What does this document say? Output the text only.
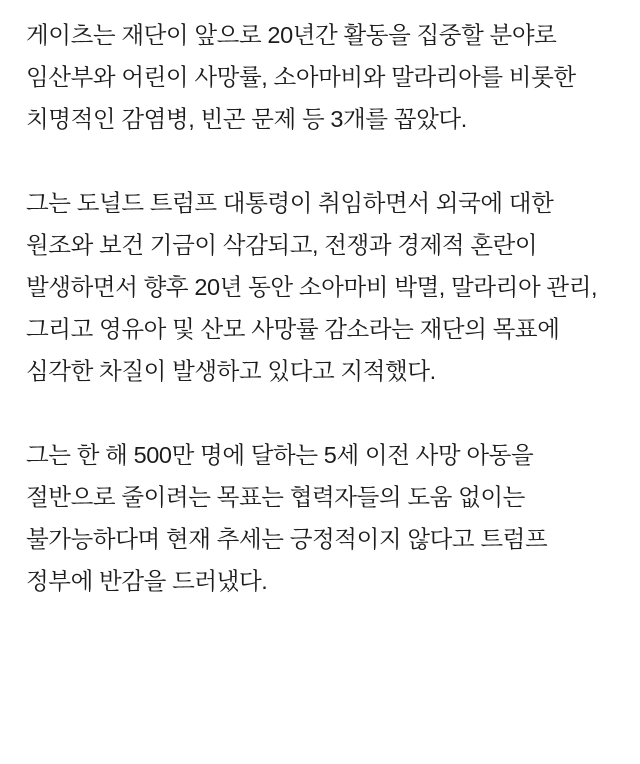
게이츠는 재단이 앞으로 20년간 활동을 집중할 분야로 임산부와 어린이 사망률, 소아마비와 말라리아를 비롯한 치명적인 감염병, 빈곤 문제 등 3개를 꼽았다.

그는 도널드 트럼프 대통령이 취임하면서 외국에 대한 원조와 보건 기금이 삭감되고, 전쟁과 경제적 혼란이 발생하면서 향후 20년 동안 소아마비 박멸, 말라리아 관리, 그리고 영유아 및 산모 사망률 감소라는 재단의 목표에 심각한 차질이 발생하고 있다고 지적했다.

그는 한 해 500만 명에 달하는 5세 이전 사망 아동을 절반으로 줄이려는 목표는 협력자들의 도움 없이는 불가능하다며 현재 추세는 긍정적이지 않다고 트럼프 정부에 반감을 드러냈다.
